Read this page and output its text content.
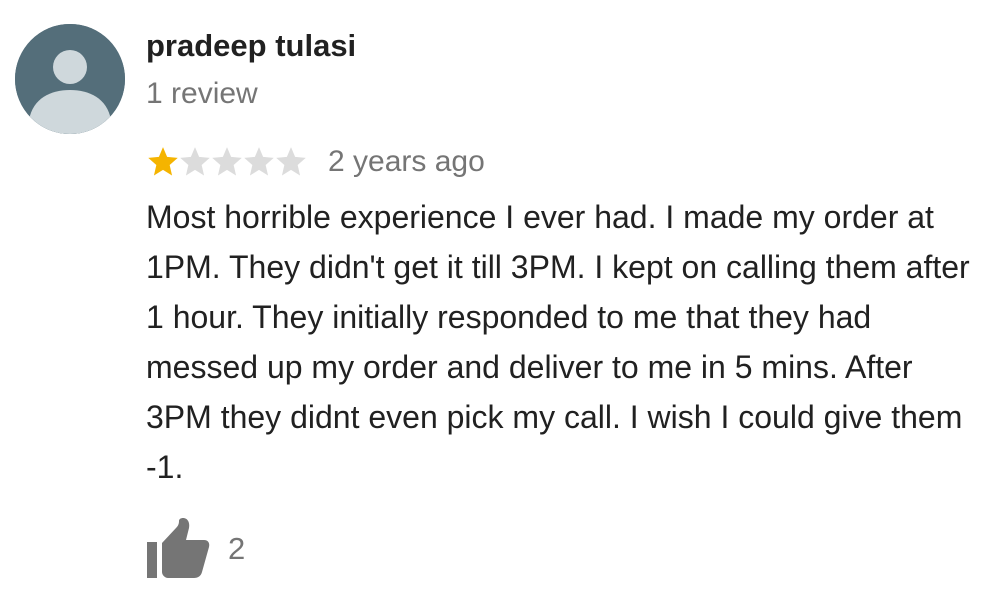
pradeep tulasi
1 review
2 years ago

Most horrible experience I ever had. I made my order at 1PM. They didn't get it till 3PM. I kept on calling them after 1 hour. They initially responded to me that they had messed up my order and deliver to me in 5 mins. After 3PM they didnt even pick my call. I wish I could give them -1.

2
